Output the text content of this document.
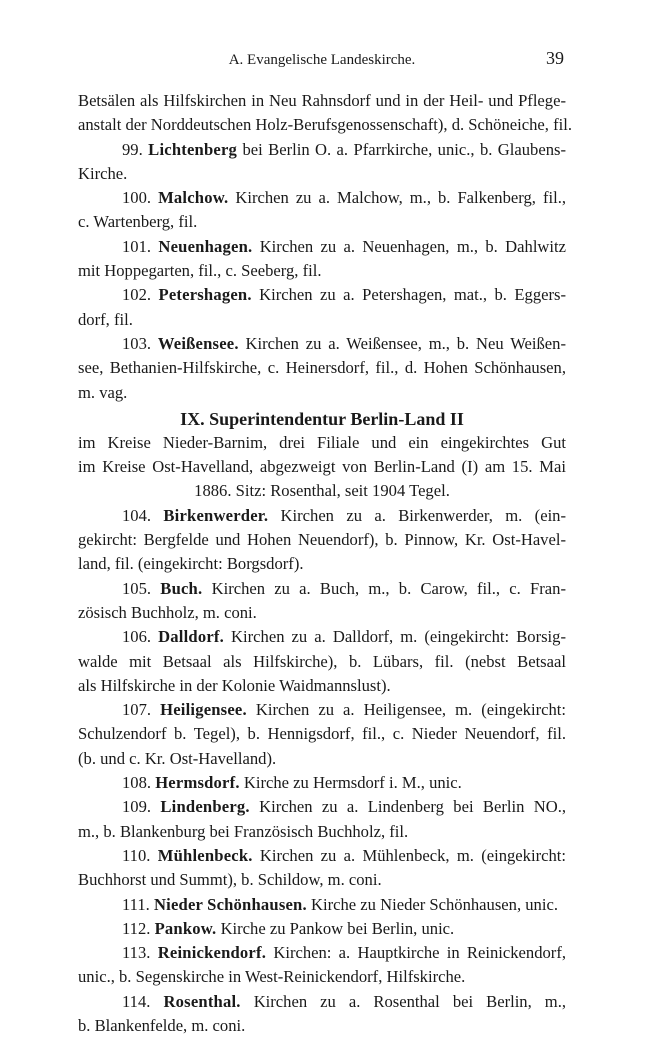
A. Evangelische Landeskirche.	39
Betsälen als Hilfskirchen in Neu Rahnsdorf und in der Heil- und Pflege-
anstalt der Norddeutschen Holz-Berufsgenossenschaft), d. Schöneiche, fil.
99. Lichtenberg bei Berlin O. a. Pfarrkirche, unic., b. Glaubens-
Kirche.
100. Malchow. Kirchen zu a. Malchow, m., b. Falkenberg, fil.,
c. Wartenberg, fil.
101. Neuenhagen. Kirchen zu a. Neuenhagen, m., b. Dahlwitz
mit Hoppegarten, fil., c. Seeberg, fil.
102. Petershagen. Kirchen zu a. Petershagen, mat., b. Eggers-
dorf, fil.
103. Weißensee. Kirchen zu a. Weißensee, m., b. Neu Weißen-
see, Bethanien-Hilfskirche, c. Heinersdorf, fil., d. Hohen Schönhausen,
m. vag.
IX. Superintendentur Berlin-Land II
im Kreise Nieder-Barnim, drei Filiale und ein eingekirchtes Gut
im Kreise Ost-Havelland, abgezweigt von Berlin-Land (I) am 15. Mai
1886. Sitz: Rosenthal, seit 1904 Tegel.
104. Birkenwerder. Kirchen zu a. Birkenwerder, m. (ein-
gekircht: Bergfelde und Hohen Neuendorf), b. Pinnow, Kr. Ost-Havel-
land, fil. (eingekircht: Borgsdorf).
105. Buch. Kirchen zu a. Buch, m., b. Carow, fil., c. Fran-
zösisch Buchholz, m. coni.
106. Dalldorf. Kirchen zu a. Dalldorf, m. (eingekircht: Borsig-
walde mit Betsaal als Hilfskirche), b. Lübars, fil. (nebst Betsaal
als Hilfskirche in der Kolonie Waidmannslust).
107. Heiligensee. Kirchen zu a. Heiligensee, m. (eingekircht:
Schulzendorf b. Tegel), b. Hennigsdorf, fil., c. Nieder Neuendorf, fil.
(b. und c. Kr. Ost-Havelland).
108. Hermsdorf. Kirche zu Hermsdorf i. M., unic.
109. Lindenberg. Kirchen zu a. Lindenberg bei Berlin NO.,
m., b. Blankenburg bei Französisch Buchholz, fil.
110. Mühlenbeck. Kirchen zu a. Mühlenbeck, m. (eingekircht:
Buchhorst und Summt), b. Schildow, m. coni.
111. Nieder Schönhausen. Kirche zu Nieder Schönhausen, unic.
112. Pankow. Kirche zu Pankow bei Berlin, unic.
113. Reinickendorf. Kirchen: a. Hauptkirche in Reinickendorf,
unic., b. Segenskirche in West-Reinickendorf, Hilfskirche.
114. Rosenthal. Kirchen zu a. Rosenthal bei Berlin, m.,
b. Blankenfelde, m. coni.
